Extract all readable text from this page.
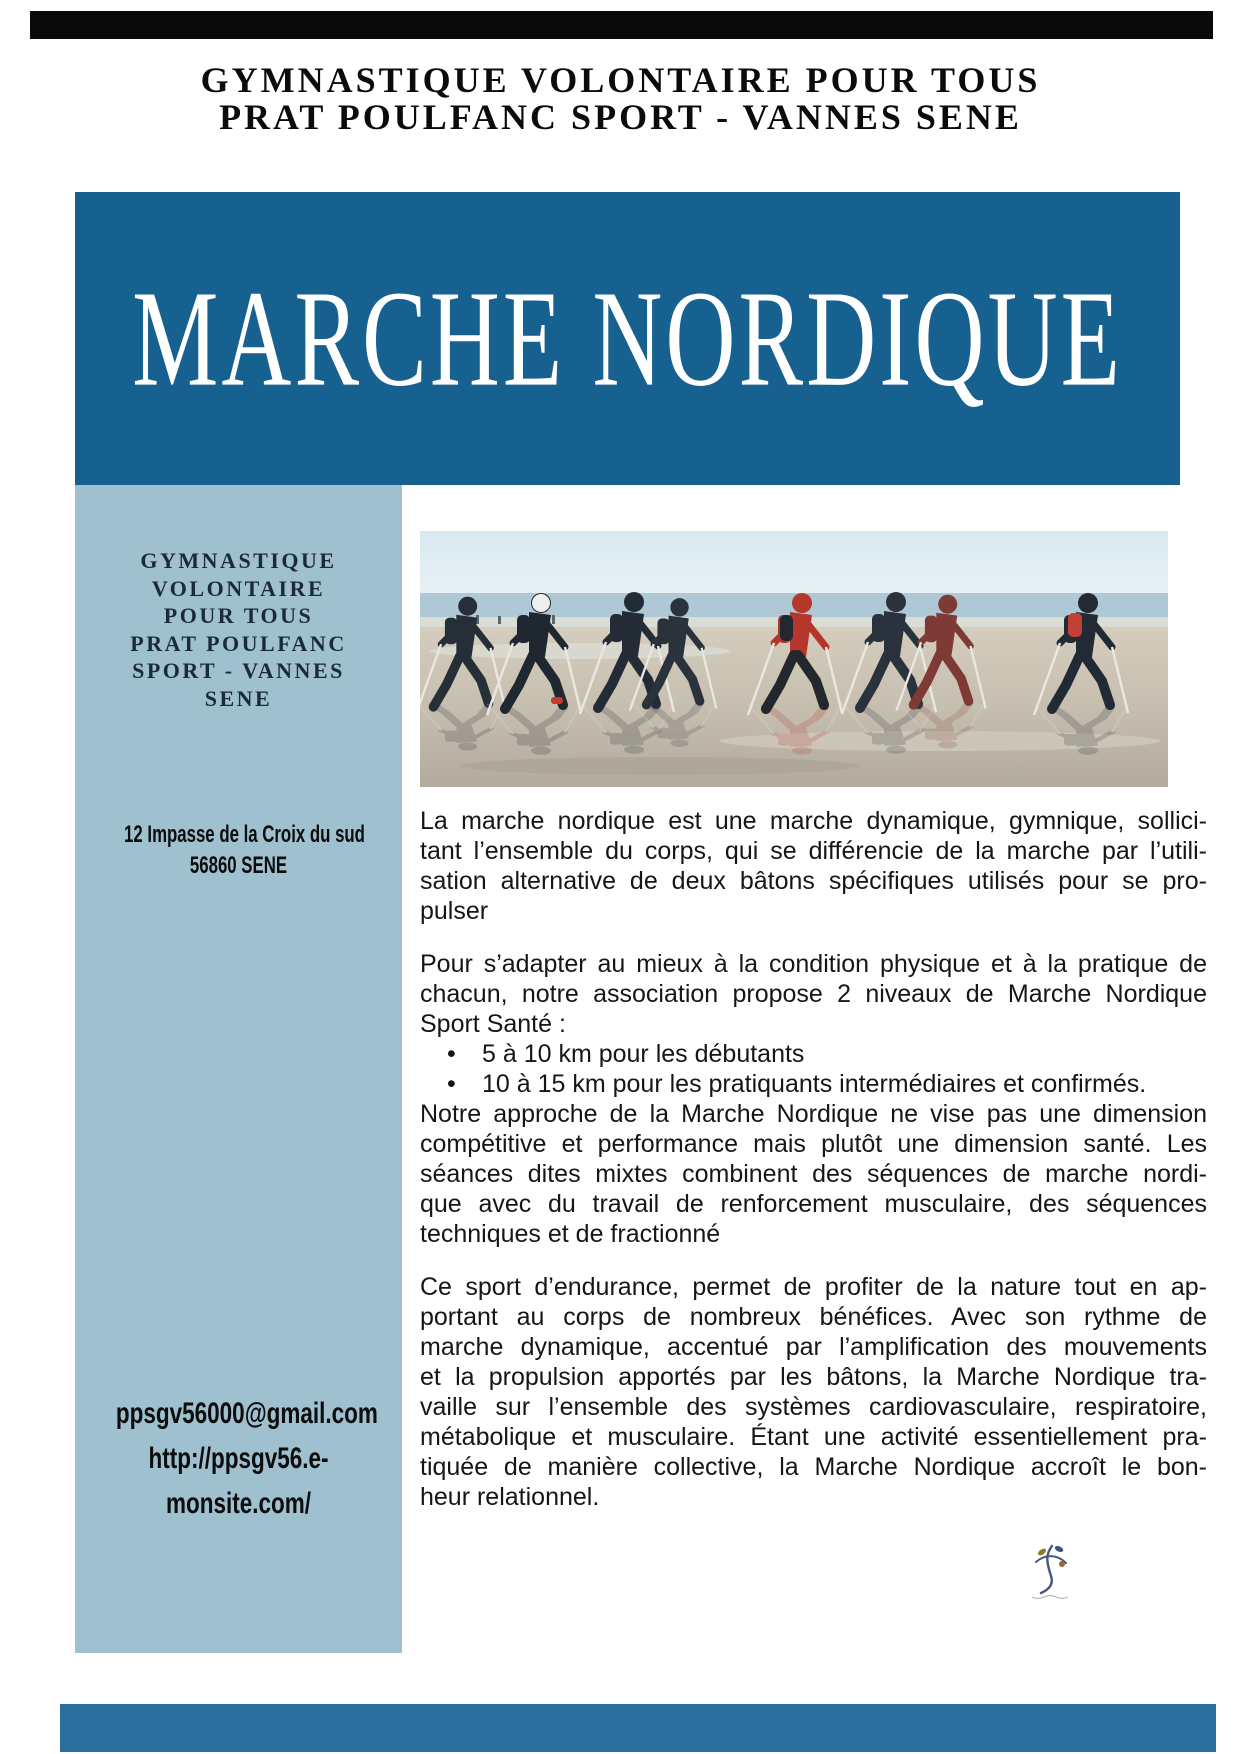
GYMNASTIQUE VOLONTAIRE POUR TOUS
PRAT POULFANC SPORT - VANNES SENE
MARCHE NORDIQUE
GYMNASTIQUE
VOLONTAIRE
POUR TOUS
PRAT POULFANC
SPORT - VANNES
SENE
12 Impasse de la Croix du sud
56860 SENE
ppsgv56000@gmail.com
http://ppsgv56.e-
monsite.com/
La marche nordique est une marche dynamique, gymnique, sollici-
tant l’ensemble du corps, qui se différencie de la marche par l’utili-
sation alternative de deux bâtons spécifiques utilisés pour se pro-
pulser
Pour s’adapter au mieux à la condition physique et à la pratique de
chacun, notre association propose 2 niveaux de Marche Nordique
Sport Santé :
• 5 à 10 km pour les débutants
• 10 à 15 km pour les pratiquants intermédiaires et confirmés.
Notre approche de la Marche Nordique ne vise pas une dimension
compétitive et performance mais plutôt une dimension santé. Les
séances dites mixtes combinent des séquences de marche nordi-
que avec du travail de renforcement musculaire, des séquences
techniques et de fractionné
Ce sport d’endurance, permet de profiter de la nature tout en ap-
portant au corps de nombreux bénéfices. Avec son rythme de
marche dynamique, accentué par l’amplification des mouvements
et la propulsion apportés par les bâtons, la Marche Nordique tra-
vaille sur l’ensemble des systèmes cardiovasculaire, respiratoire,
métabolique et musculaire. Étant une activité essentiellement pra-
tiquée de manière collective, la Marche Nordique accroît le bon-
heur relationnel.
